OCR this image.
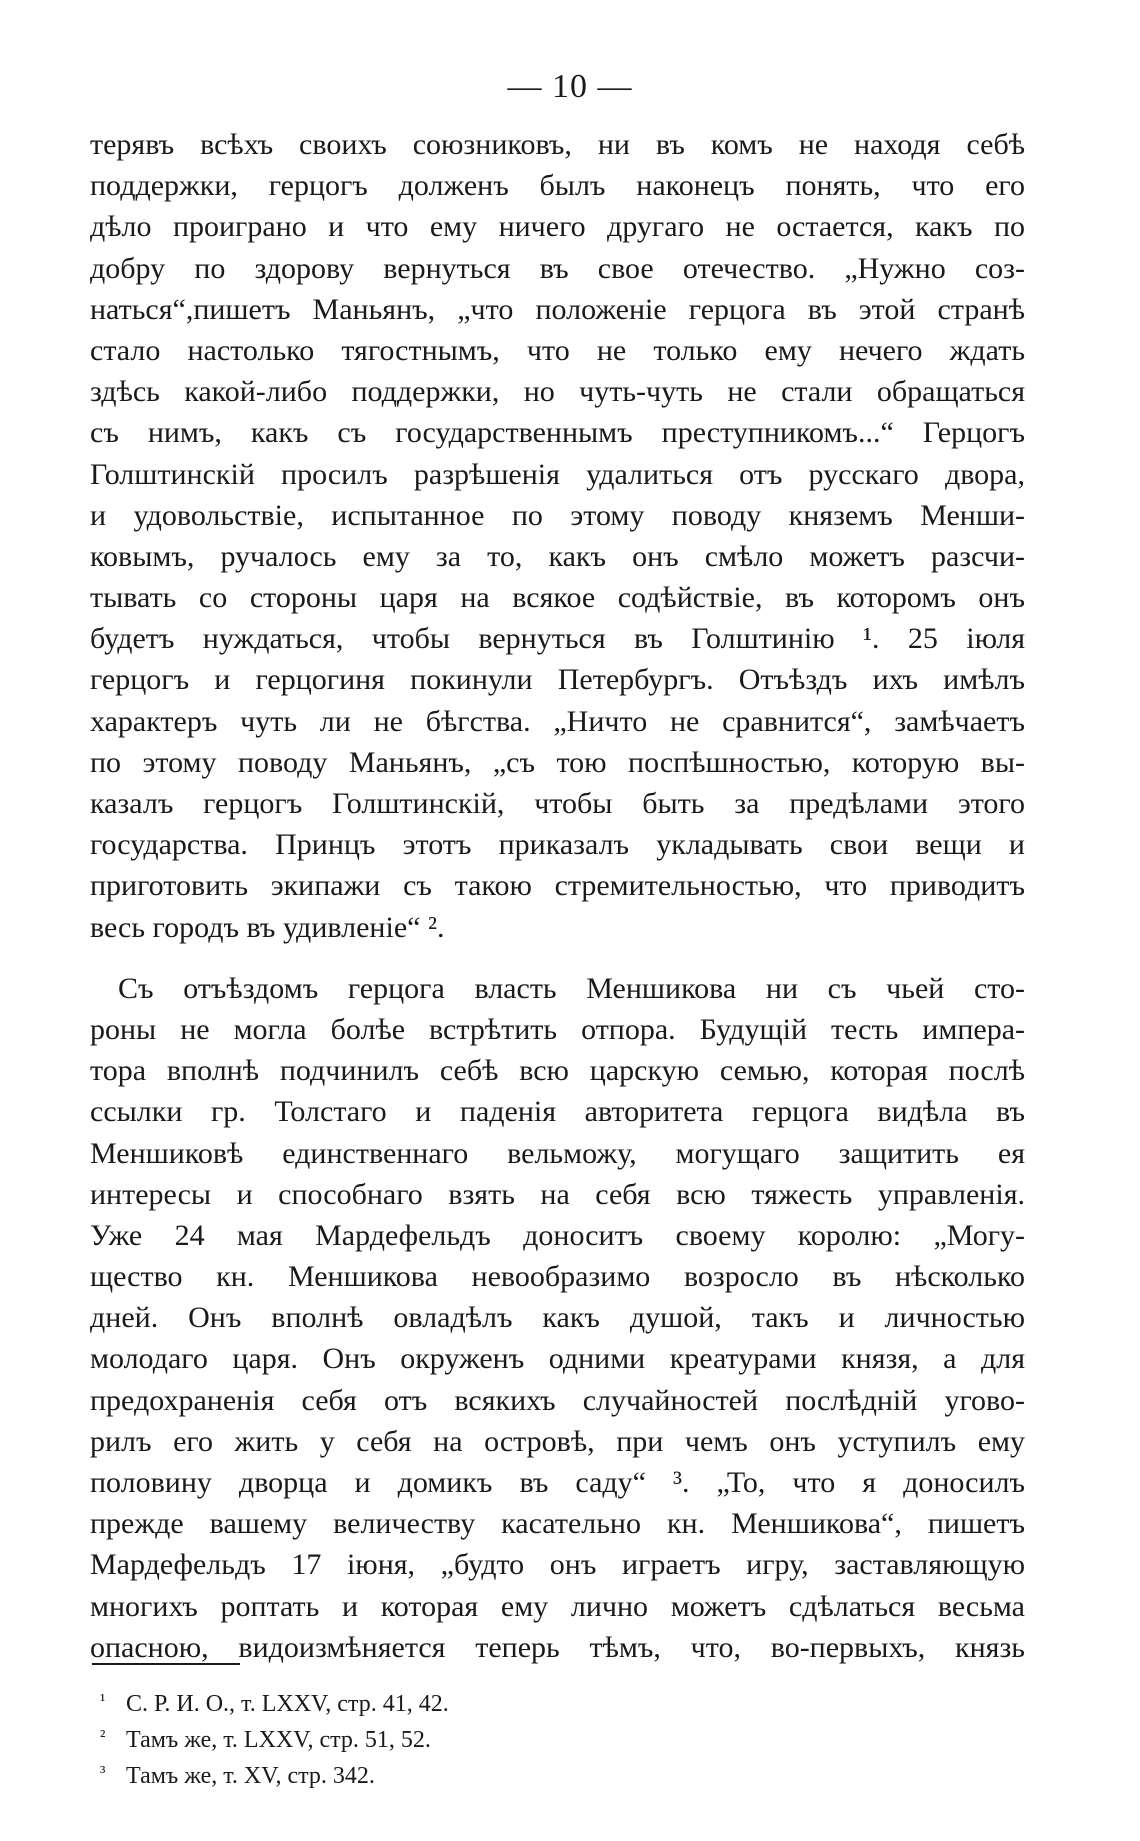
— 10 —
терявъ всѣхъ своихъ союзниковъ, ни въ комъ не находя себѣ
поддержки, герцогъ долженъ былъ наконецъ понять, что его
дѣло проиграно и что ему ничего другаго не остается, какъ по
добру по здорову вернуться въ свое отечество. „Нужно соз-
наться“,пишетъ Маньянъ, „что положеніе герцога въ этой странѣ
стало настолько тягостнымъ, что не только ему нечего ждать
здѣсь какой-либо поддержки, но чуть-чуть не стали обращаться
съ нимъ, какъ съ государственнымъ преступникомъ...“ Герцогъ
Голштинскій просилъ разрѣшенія удалиться отъ русскаго двора,
и удовольствіе, испытанное по этому поводу княземъ Менши-
ковымъ, ручалось ему за то, какъ онъ смѣло можетъ разсчи-
тывать со стороны царя на всякое содѣйствіе, въ которомъ онъ
будетъ нуждаться, чтобы вернуться въ Голштинію ¹. 25 іюля
герцогъ и герцогиня покинули Петербургъ. Отъѣздъ ихъ имѣлъ
характеръ чуть ли не бѣгства. „Ничто не сравнится“, замѣчаетъ
по этому поводу Маньянъ, „съ тою поспѣшностью, которую вы-
казалъ герцогъ Голштинскій, чтобы быть за предѣлами этого
государства. Принцъ этотъ приказалъ укладывать свои вещи и
приготовить экипажи съ такою стремительностью, что приводитъ
весь городъ въ удивленіе“ ².
Съ отъѣздомъ герцога власть Меншикова ни съ чьей сто-
роны не могла болѣе встрѣтить отпора. Будущій тесть импера-
тора вполнѣ подчинилъ себѣ всю царскую семью, которая послѣ
ссылки гр. Толстаго и паденія авторитета герцога видѣла въ
Меншиковѣ единственнаго вельможу, могущаго защитить ея
интересы и способнаго взять на себя всю тяжесть управленія.
Уже 24 мая Мардефельдъ доноситъ своему королю: „Могу-
щество кн. Меншикова невообразимо возросло въ нѣсколько
дней. Онъ вполнѣ овладѣлъ какъ душой, такъ и личностью
молодаго царя. Онъ окруженъ одними креатурами князя, а для
предохраненія себя отъ всякихъ случайностей послѣдній угово-
рилъ его жить у себя на островѣ, при чемъ онъ уступилъ ему
половину дворца и домикъ въ саду“ ³. „То, что я доносилъ
прежде вашему величеству касательно кн. Меншикова“, пишетъ
Мардефельдъ 17 іюня, „будто онъ играетъ игру, заставляющую
многихъ роптать и которая ему лично можетъ сдѣлаться весьма
опасною, видоизмѣняется теперь тѣмъ, что, во-первыхъ, князь
¹ С. Р. И. О., т. LXXV, стр. 41, 42.
² Тамъ же, т. LXXV, стр. 51, 52.
³ Тамъ же, т. XV, стр. 342.
